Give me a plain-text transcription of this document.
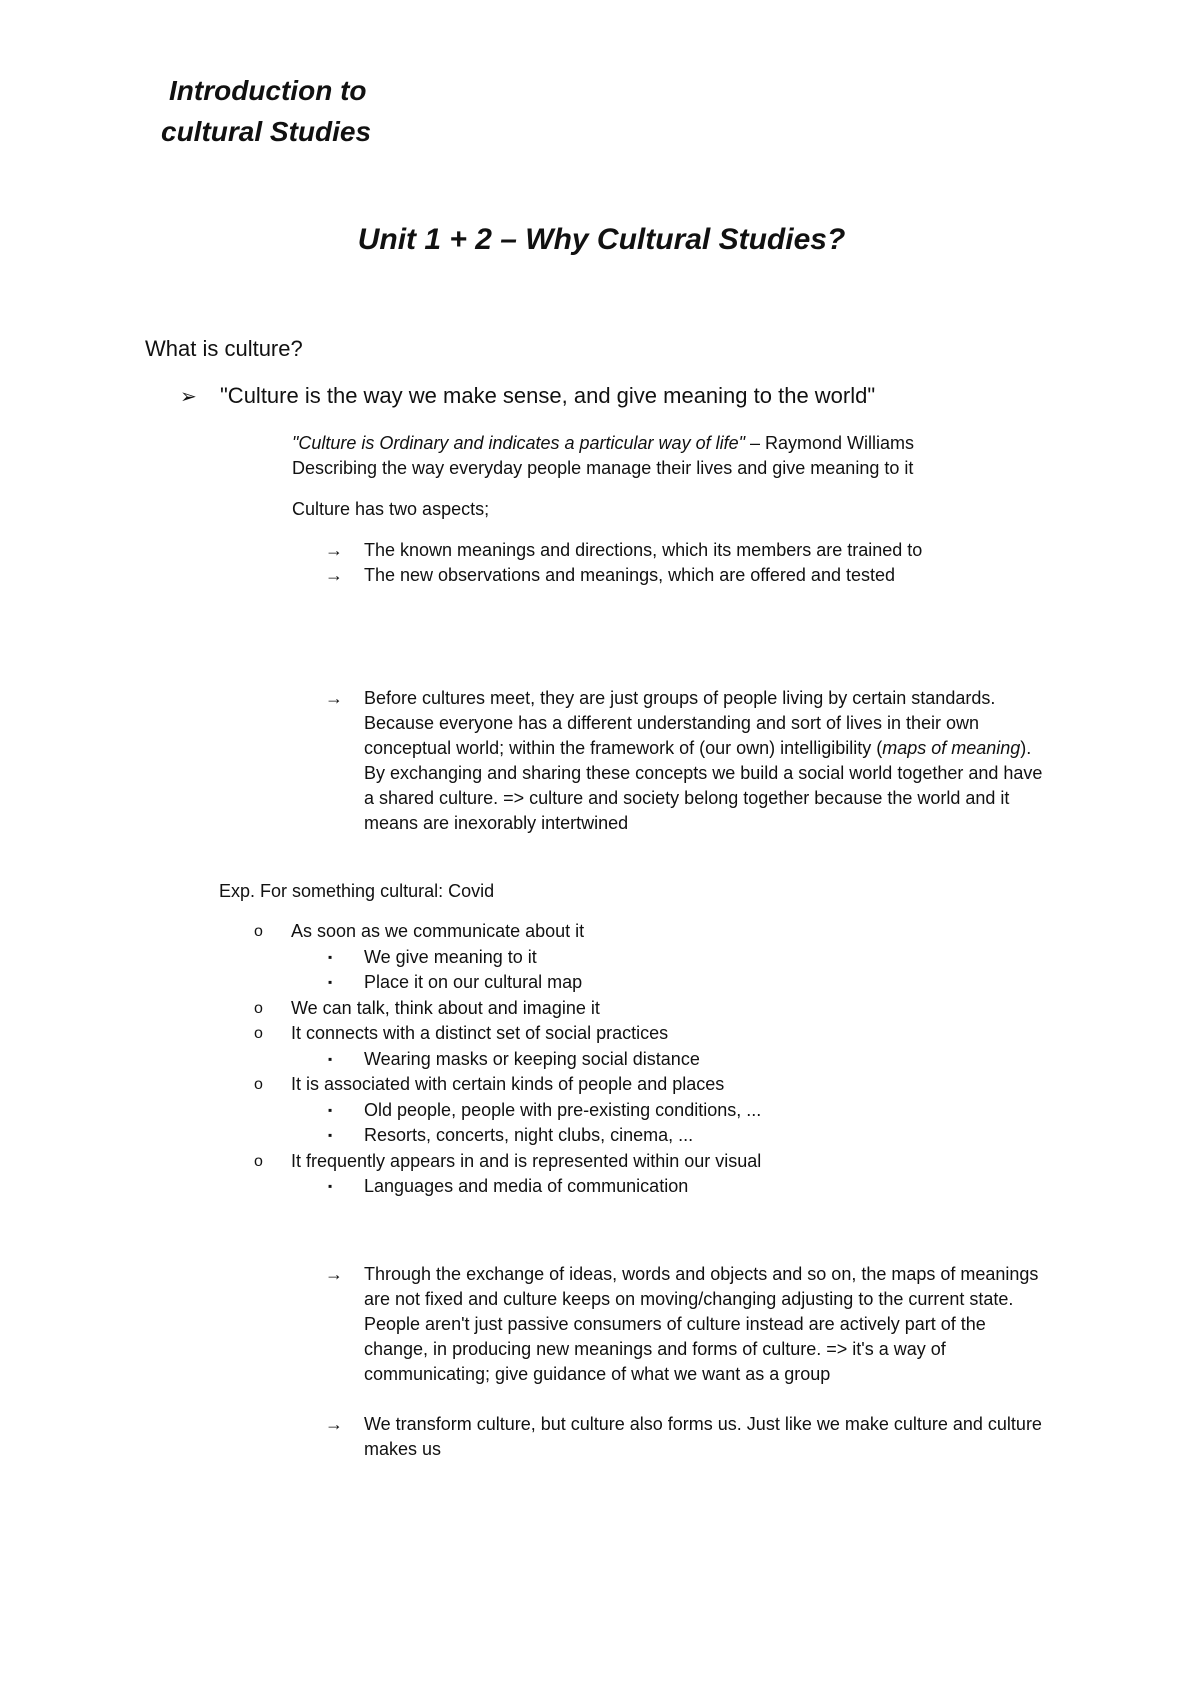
Introduction to
cultural Studies
Unit 1 + 2 – Why Cultural Studies?
What is culture?
➢ "Culture is the way we make sense, and give meaning to the world"
"Culture is Ordinary and indicates a particular way of life" – Raymond Williams
Describing the way everyday people manage their lives and give meaning to it
Culture has two aspects;
→	The known meanings and directions, which its members are trained to
→	The new observations and meanings, which are offered and tested
→	Before cultures meet, they are just groups of people living by certain standards. Because everyone has a different understanding and sort of lives in their own conceptual world; within the framework of (our own) intelligibility (maps of meaning). By exchanging and sharing these concepts we build a social world together and have a shared culture. => culture and society belong together because the world and it means are inexorably intertwined
Exp. For something cultural: Covid
o As soon as we communicate about it
▪ We give meaning to it
▪ Place it on our cultural map
o We can talk, think about and imagine it
o It connects with a distinct set of social practices
▪ Wearing masks or keeping social distance
o It is associated with certain kinds of people and places
▪ Old people, people with pre-existing conditions, ...
▪ Resorts, concerts, night clubs, cinema, ...
o It frequently appears in and is represented within our visual
▪ Languages and media of communication
→	Through the exchange of ideas, words and objects and so on, the maps of meanings are not fixed and culture keeps on moving/changing adjusting to the current state. People aren't just passive consumers of culture instead are actively part of the change, in producing new meanings and forms of culture. => it's a way of communicating; give guidance of what we want as a group
→	We transform culture, but culture also forms us. Just like we make culture and culture makes us
